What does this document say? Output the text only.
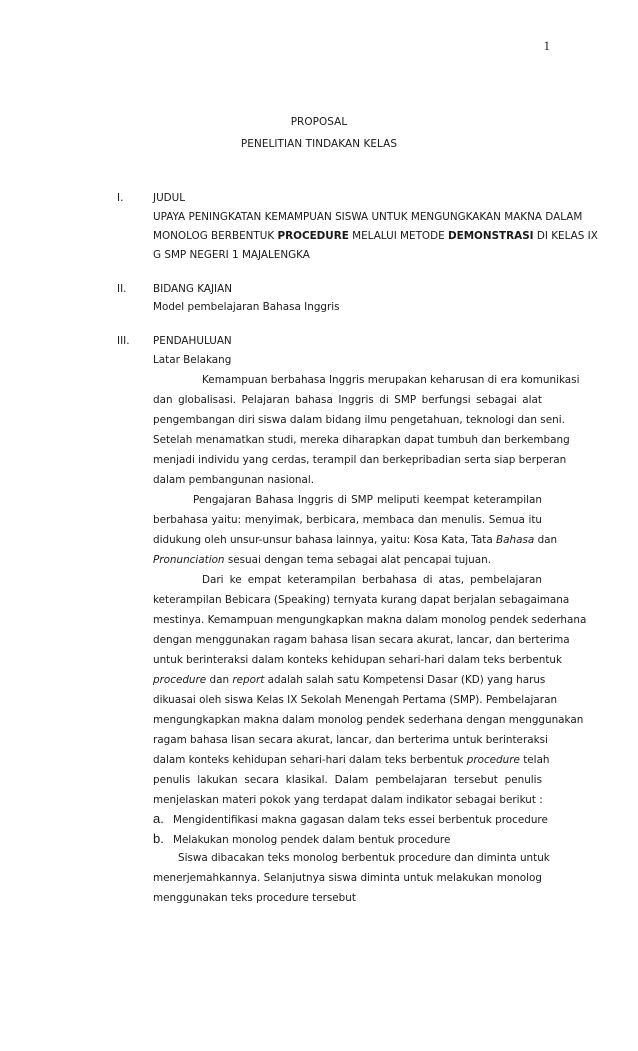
1
PROPOSAL
PENELITIAN TINDAKAN KELAS
I.	JUDUL
UPAYA PENINGKATAN KEMAMPUAN SISWA UNTUK MENGUNGKAKAN MAKNA DALAM
MONOLOG BERBENTUK PROCEDURE MELALUI METODE DEMONSTRASI DI KELAS IX
G SMP NEGERI 1 MAJALENGKA
II.	BIDANG KAJIAN
Model pembelajaran Bahasa Inggris
III. PENDAHULUAN
Latar Belakang
Kemampuan berbahasa Inggris merupakan keharusan di era komunikasi
dan globalisasi. Pelajaran bahasa Inggris di SMP berfungsi sebagai alat
pengembangan diri siswa dalam bidang ilmu pengetahuan, teknologi dan seni.
Setelah menamatkan studi, mereka diharapkan dapat tumbuh dan berkembang
menjadi individu yang cerdas, terampil dan berkepribadian serta siap berperan
dalam pembangunan nasional.
Pengajaran Bahasa Inggris di SMP meliputi keempat keterampilan
berbahasa yaitu: menyimak, berbicara, membaca dan menulis. Semua itu
didukung oleh unsur-unsur bahasa lainnya, yaitu: Kosa Kata, Tata Bahasa dan
Pronunciation sesuai dengan tema sebagai alat pencapai tujuan.
Dari ke empat keterampilan berbahasa di atas, pembelajaran
keterampilan Bebicara (Speaking) ternyata kurang dapat berjalan sebagaimana
mestinya. Kemampuan mengungkapkan makna dalam monolog pendek sederhana
dengan menggunakan ragam bahasa lisan secara akurat, lancar, dan berterima
untuk berinteraksi dalam konteks kehidupan sehari-hari dalam teks berbentuk
procedure dan report adalah salah satu Kompetensi Dasar (KD) yang harus
dikuasai oleh siswa Kelas IX Sekolah Menengah Pertama (SMP). Pembelajaran
mengungkapkan makna dalam monolog pendek sederhana dengan menggunakan
ragam bahasa lisan secara akurat, lancar, dan berterima untuk berinteraksi
dalam konteks kehidupan sehari-hari dalam teks berbentuk procedure telah
penulis lakukan secara klasikal. Dalam pembelajaran tersebut penulis
menjelaskan materi pokok yang terdapat dalam indikator sebagai berikut :
a. Mengidentifikasi makna gagasan dalam teks essei berbentuk procedure
b. Melakukan monolog pendek dalam bentuk procedure
Siswa dibacakan teks monolog berbentuk procedure dan diminta untuk
menerjemahkannya. Selanjutnya siswa diminta untuk melakukan monolog
menggunakan teks procedure tersebut
